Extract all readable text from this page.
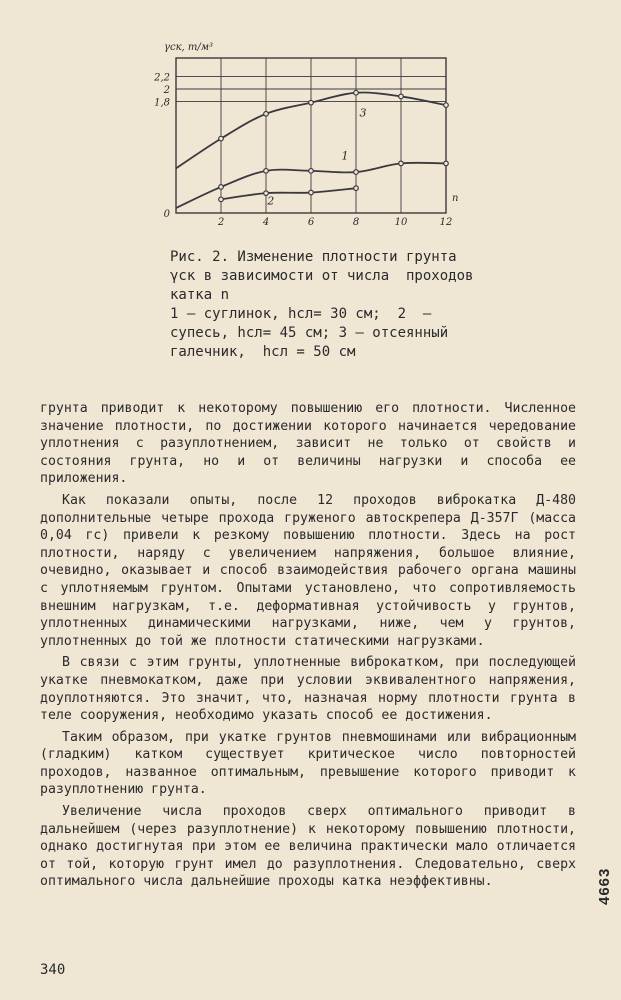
2	4	6	8	10	12
0
1,8
2
2,2
1
2
3
γск, т/м³
n
Рис. 2. Изменение плотности грунта
γск в зависимости от числа  проходов
катка n
1 – суглинок, hсл= 30 см;  2  –
супесь, hсл= 45 см; 3 – отсеянный
галечник,  hсл = 50 см

грунта приводит к некоторому повышению его плотности. Численное значение плотности, по достижении которого начинается чередование уплотнения с разуплотнением, зависит не только от свойств и состояния грунта, но и от величины нагрузки и способа ее приложения.

Как показали опыты, после 12 проходов виброкатка Д-480 дополнительные четыре прохода груженого автоскрепера Д-357Г (масса 0,04 гс) привели к резкому повышению плотности. Здесь на рост плотности, наряду с увеличением напряжения, большое влияние, очевидно, оказывает и способ взаимодействия рабочего органа машины с уплотняемым грунтом. Опытами установлено, что сопротивляемость внешним нагрузкам, т.е. деформативная устойчивость у грунтов, уплотненных динамическими нагрузками, ниже, чем у грунтов, уплотненных до той же плотности статическими нагрузками.

В связи с этим грунты, уплотненные виброкатком, при последующей укатке пневмокатком, даже при условии эквивалентного напряжения, доуплотняются. Это значит, что, назначая норму плотности грунта в теле сооружения, необходимо указать способ ее достижения.

Таким образом, при укатке грунтов пневмошинами или вибрационным (гладким) катком существует критическое число повторностей проходов, названное оптимальным, превышение которого приводит к разуплотнению грунта.

Увеличение числа проходов сверх оптимального приводит в дальнейшем (через разуплотнение) к некоторому повышению плотности, однако достигнутая при этом ее величина практически мало отличается от той, которую грунт имел до разуплотнения. Следовательно, сверх оптимального числа дальнейшие проходы катка неэффективны.

340
4663
